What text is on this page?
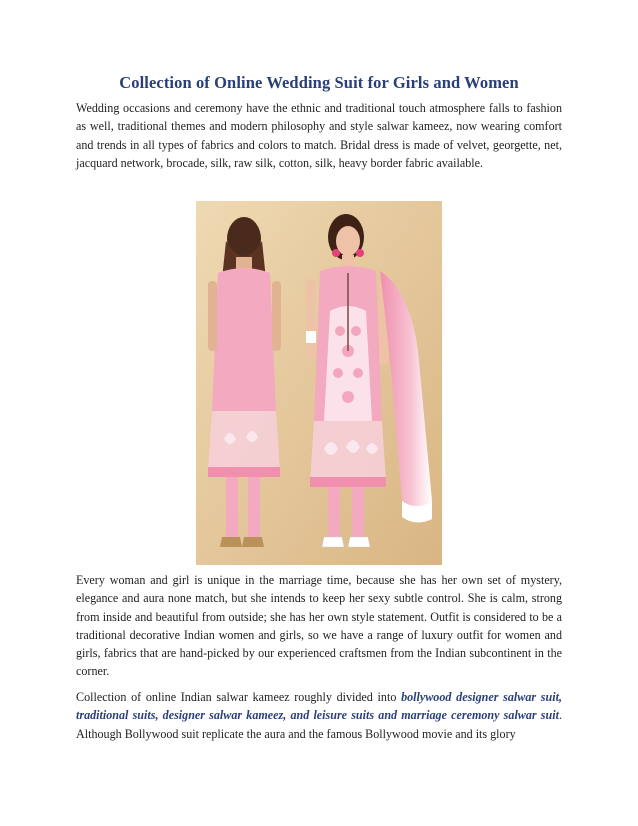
Collection of Online Wedding Suit for Girls and Women

Wedding occasions and ceremony have the ethnic and traditional touch atmosphere falls to fashion as well, traditional themes and modern philosophy and style salwar kameez, now wearing comfort and trends in all types of fabrics and colors to match. Bridal dress is made of velvet, georgette, net, jacquard network, brocade, silk, raw silk, cotton, silk, heavy border fabric available.

Every woman and girl is unique in the marriage time, because she has her own set of mystery, elegance and aura none match, but she intends to keep her sexy subtle control. She is calm, strong from inside and beautiful from outside; she has her own style statement. Outfit is considered to be a traditional decorative Indian women and girls, so we have a range of luxury outfit for women and girls, fabrics that are hand-picked by our experienced craftsmen from the Indian subcontinent in the corner.

Collection of online Indian salwar kameez roughly divided into bollywood designer salwar suit, traditional suits, designer salwar kameez, and leisure suits and marriage ceremony salwar suit. Although Bollywood suit replicate the aura and the famous Bollywood movie and its glory
